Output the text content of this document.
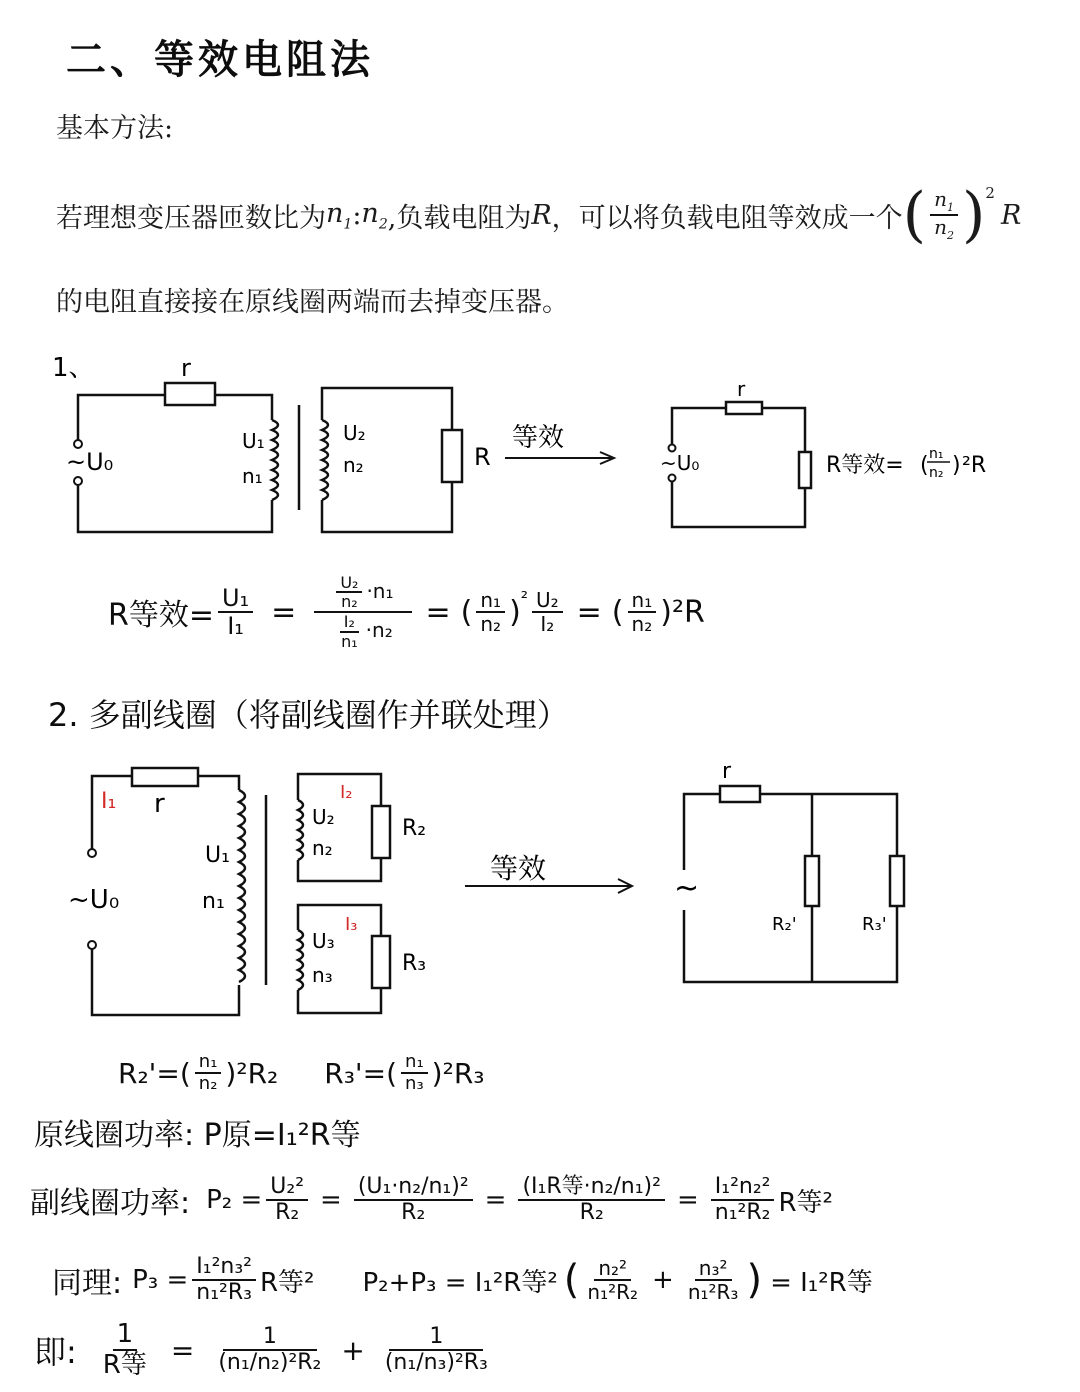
二、等效电阻法
基本方法:
若理想变压器匝数比为 $n_1$ : $n_2$ ,负载电阻为 R ，可以将负载电阻等效成一个 ( $\frac{n_1}{n_2}$ ) 2
R
的电阻直接接在原线圈两端而去掉变压器。
1、	r
~U₀
U₁
n₁
U₂
n₂	R
等效
r
~U₀	R等效= ( n₁
n₂ ) ²R
R等效= $\frac{\text{U₁}}{\text{I₁}} = \frac{\frac{\text{U₂}}{\text{n₂}} \cdot n_1}{\frac{\text{I₂}}{\text{n₁}} \cdot n_2}$ = ( $\frac{\text{n₁}}{\text{n₂}}$ ) $^2 \frac{\text{U₂}}{\text{I₂}}$ = ( $\frac{\text{n₁}}{\text{n₂}}$ ) ²R
2. 多副线圈（将副线圈作并联处理）
I₁ r
~U₀
U₁
n₁
I₂
U₂
n₂
R₂
I₃
U₃
n₃	R₃
等效
r
~
R₂'	R₃'
R₂'= ( $\frac{\text{n₁}}{\text{n₂}}$ ) ²R₂ R₃'= ( $\frac{\text{n₁}}{\text{n₃}}$ ) ²R₃
原线圈功率: P原=I₁²R等
副线圈功率: $P_2 = \frac{\text{U₂²}}{\text{R₂}} = \frac{\text{(U₁·n₂/n₁)²}}{\text{R₂}} = \frac{\text{(I₁R等·n₂/n₁)²}}{\text{R₂}} = \frac{\text{I₁²n₂²}}{\text{n₁²R₂}}$ R等²
同理: $P_3 = \frac{\text{I₁²n₃²}}{\text{n₁²R₃}}$ R等² P₂+P₃ = I₁²R等² ( $\frac{\text{n₂²}}{\text{n₁²R₂}} + \frac{\text{n₃²}}{\text{n₁²R₃}}$ ) = I₁²R等
即: $\frac{1}{\text{R等}} = \frac{1}{\text{(n₁/n₂)²R₂}} + \frac{1}{\text{(n₁/n₃)²R₃}}$
